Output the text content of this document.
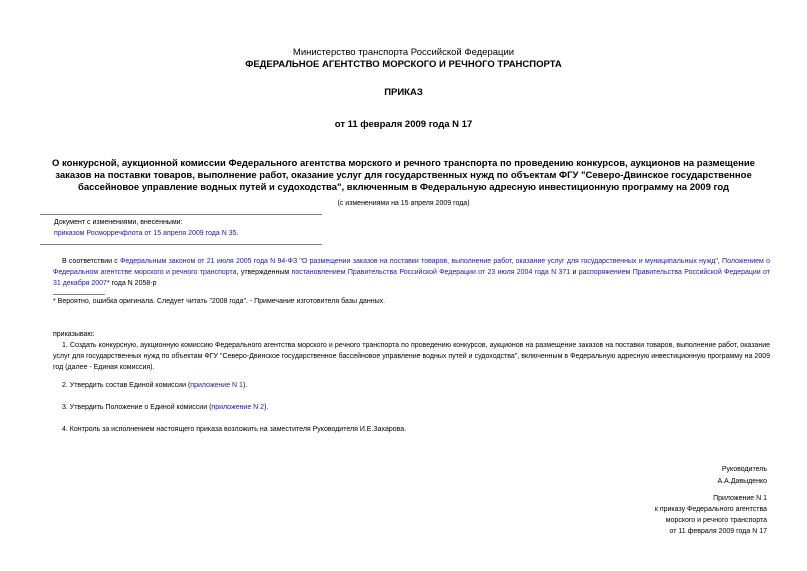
Министерство транспорта Российской Федерации
ФЕДЕРАЛЬНОЕ АГЕНТСТВО МОРСКОГО И РЕЧНОГО ТРАНСПОРТА
ПРИКАЗ
от 11 февраля 2009 года N 17
О конкурсной, аукционной комиссии Федерального агентства морского и речного транспорта по проведению конкурсов, аукционов на размещение заказов на поставки товаров, выполнение работ, оказание услуг для государственных нужд по объектам ФГУ "Северо-Двинское государственное бассейновое управление водных путей и судоходства", включенным в Федеральную адресную инвестиционную программу на 2009 год
(с изменениями на 15 апреля 2009 года)
Документ с изменениями, внесенными:
приказом Росморречфлота от 15 апреля 2009 года N 35.
В соответствии с Федеральным законом от 21 июля 2005 года N 94-ФЗ "О размещении заказов на поставки товаров, выполнение работ, оказание услуг для государственных и муниципальных нужд", Положением о Федеральном агентстве морского и речного транспорта, утвержденным постановлением Правительства Российской Федерации от 23 июля 2004 года N 371 и распоряжением Правительства Российской Федерации от 31 декабря 2007* года N 2058-р
* Вероятно, ошибка оригинала. Следует читать "2008 года". - Примечание изготовителя базы данных.
приказываю:

1. Создать конкурсную, аукционную комиссию Федерального агентства морского и речного транспорта по проведению конкурсов, аукционов на размещение заказов на поставки товаров, выполнение работ, оказание услуг для государственных нужд по объектам ФГУ "Северо-Двинское государственное бассейновое управление водных путей и судоходства", включенным в Федеральную адресную инвестиционную программу на 2009 год (далее - Единая комиссия).

2. Утвердить состав Единой комиссии (приложение N 1).

3. Утвердить Положение о Единой комиссии (приложение N 2).

4. Контроль за исполнением настоящего приказа возложить на заместителя Руководителя И.Е.Захарова.

Руководитель
А.А.Давыденко
Приложение N 1
к приказу Федерального агентства
морского и речного транспорта
от 11 февраля 2009 года N 17
